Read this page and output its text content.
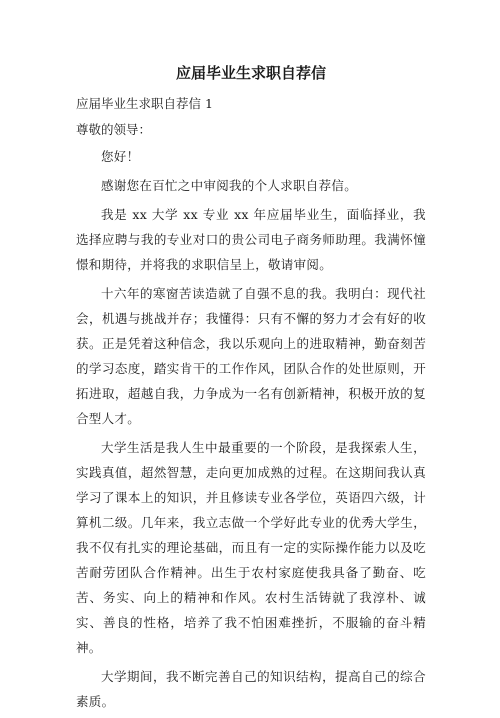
应届毕业生求职自荐信
应届毕业生求职自荐信 1
尊敬的领导：

您好！

感谢您在百忙之中审阅我的个人求职自荐信。

我是 xx 大学 xx 专业 xx 年应届毕业生，面临择业，我选择应聘与我的专业对口的贵公司电子商务师助理。我满怀憧憬和期待，并将我的求职信呈上，敬请审阅。

十六年的寒窗苦读造就了自强不息的我。我明白：现代社会，机遇与挑战并存；我懂得：只有不懈的努力才会有好的收获。正是凭着这种信念，我以乐观向上的进取精神，勤奋刻苦的学习态度，踏实肯干的工作作风，团队合作的处世原则，开拓进取，超越自我，力争成为一名有创新精神，积极开放的复合型人才。

大学生活是我人生中最重要的一个阶段，是我探索人生，实践真值，超然智慧，走向更加成熟的过程。在这期间我认真学习了课本上的知识，并且修读专业各学位，英语四六级，计算机二级。几年来，我立志做一个学好此专业的优秀大学生，我不仅有扎实的理论基础，而且有一定的实际操作能力以及吃苦耐劳团队合作精神。出生于农村家庭使我具备了勤奋、吃苦、务实、向上的精神和作风。农村生活铸就了我淳朴、诚实、善良的性格，培养了我不怕困难挫折，不服输的奋斗精神。

大学期间，我不断完善自己的知识结构，提高自己的综合素质。
